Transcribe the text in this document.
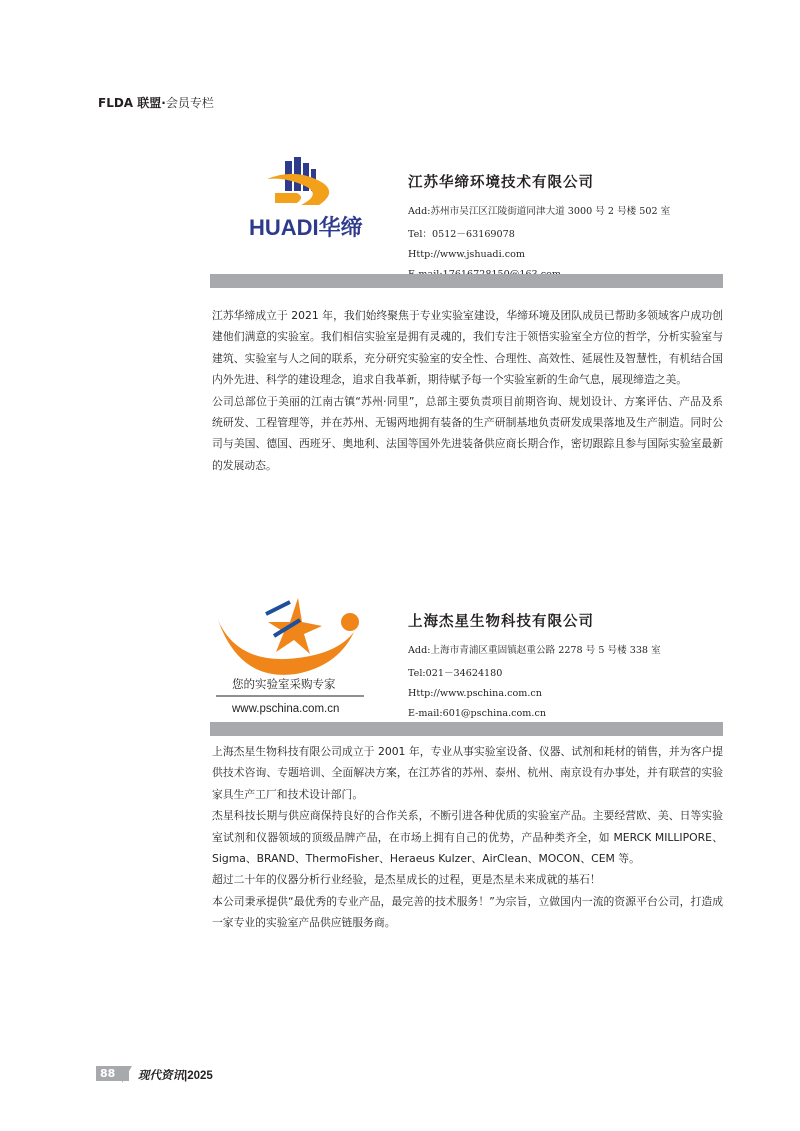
FLDA 联盟·会员专栏
HUADI华缔
江苏华缔环境技术有限公司
Add:苏州市吴江区江陵街道同津大道 3000 号 2 号楼 502 室
Tel：0512－63169078
Http://www.jshuadi.com

江苏华缔成立于 2021 年，我们始终聚焦于专业实验室建设，华缔环境及团队成员已帮助多领域客户成功创建他们满意的实验室。我们相信实验室是拥有灵魂的，我们专注于领悟实验室全方位的哲学，分析实验室与建筑、实验室与人之间的联系，充分研究实验室的安全性、合理性、高效性、延展性及智慧性，有机结合国内外先进、科学的建设理念，追求自我革新，期待赋予每一个实验室新的生命气息，展现缔造之美。

公司总部位于美丽的江南古镇“苏州·同里”，总部主要负责项目前期咨询、规划设计、方案评估、产品及系统研发、工程管理等，并在苏州、无锡两地拥有装备的生产研制基地负责研发成果落地及生产制造。同时公司与美国、德国、西班牙、奥地利、法国等国外先进装备供应商长期合作，密切跟踪且参与国际实验室最新的发展动态。

您的实验室采购专家
www.pschina.com.cn
上海杰星生物科技有限公司
Add:上海市青浦区重固镇赵重公路 2278 号 5 号楼 338 室
Tel:021－34624180
Http://www.pschina.com.cn
E-mail:601@pschina.com.cn

上海杰星生物科技有限公司成立于 2001 年，专业从事实验室设备、仪器、试剂和耗材的销售，并为客户提供技术咨询、专题培训、全面解决方案，在江苏省的苏州、泰州、杭州、南京设有办事处，并有联营的实验家具生产工厂和技术设计部门。

杰星科技长期与供应商保持良好的合作关系，不断引进各种优质的实验室产品。主要经营欧、美、日等实验室试剂和仪器领域的顶级品牌产品，在市场上拥有自己的优势，产品种类齐全，如 MERCK MILLIPORE、Sigma、BRAND、ThermoFisher、Heraeus Kulzer、AirClean、MOCON、CEM 等。

超过二十年的仪器分析行业经验，是杰星成长的过程，更是杰星未来成就的基石！

本公司秉承提供“最优秀的专业产品，最完善的技术服务！”为宗旨，立做国内一流的资源平台公司，打造成一家专业的实验室产品供应链服务商。

88	现代资讯|2025
